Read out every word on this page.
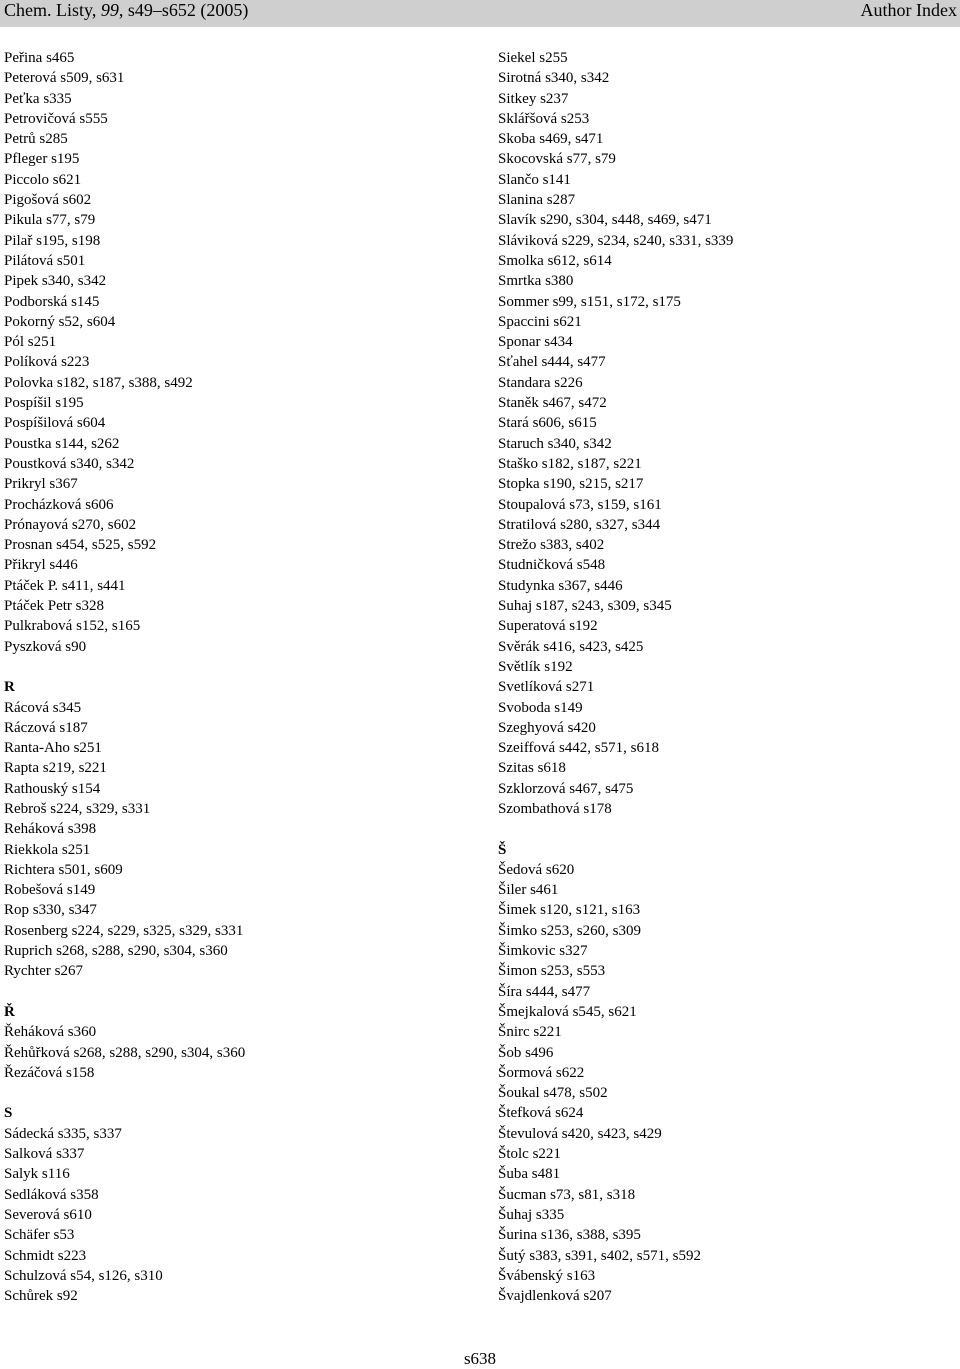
Chem. Listy, 99, s49–s652 (2005)	Author Index
Peřina s465
Peterová s509, s631
Peťka s335
Petrovičová s555
Petrů s285
Pfleger s195
Piccolo s621
Pigošová s602
Pikula s77, s79
Pilař s195, s198
Pilátová s501
Pipek s340, s342
Podborská s145
Pokorný s52, s604
Pól s251
Políková s223
Polovka s182, s187, s388, s492
Pospíšil s195
Pospíšilová s604
Poustka s144, s262
Poustková s340, s342
Prikryl s367
Procházková s606
Prónayová s270, s602
Prosnan s454, s525, s592
Přikryl s446
Ptáček P. s411, s441
Ptáček Petr s328
Pulkrabová s152, s165
Pyszková s90
R
Rácová s345
Ráczová s187
Ranta-Aho s251
Rapta s219, s221
Rathouský s154
Rebroš s224, s329, s331
Reháková s398
Riekkola s251
Richtera s501, s609
Robešová s149
Rop s330, s347
Rosenberg s224, s229, s325, s329, s331
Ruprich s268, s288, s290, s304, s360
Rychter s267
Ř
Řeháková s360
Řehůřková s268, s288, s290, s304, s360
Řezáčová s158
S
Sádecká s335, s337
Salková s337
Salyk s116
Sedláková s358
Severová s610
Schäfer s53
Schmidt s223
Schulzová s54, s126, s310
Schůrek s92
Siekel s255
Sirotná s340, s342
Sitkey s237
Sklářšová s253
Skoba s469, s471
Skocovská s77, s79
Slančo s141
Slanina s287
Slavík s290, s304, s448, s469, s471
Sláviková s229, s234, s240, s331, s339
Smolka s612, s614
Smrtka s380
Sommer s99, s151, s172, s175
Spaccini s621
Sponar s434
Sťahel s444, s477
Standara s226
Staněk s467, s472
Stará s606, s615
Staruch s340, s342
Staško s182, s187, s221
Stopka s190, s215, s217
Stoupalová s73, s159, s161
Stratilová s280, s327, s344
Strežo s383, s402
Studničková s548
Studynka s367, s446
Suhaj s187, s243, s309, s345
Superatová s192
Svěrák s416, s423, s425
Světlík s192
Svetlíková s271
Svoboda s149
Szeghyová s420
Szeiffová s442, s571, s618
Szitas s618
Szklorzová s467, s475
Szombathová s178
Š
Šedová s620
Šiler s461
Šimek s120, s121, s163
Šimko s253, s260, s309
Šimkovic s327
Šimon s253, s553
Šíra s444, s477
Šmejkalová s545, s621
Šnirc s221
Šob s496
Šormová s622
Šoukal s478, s502
Štefková s624
Števulová s420, s423, s429
Štolc s221
Šuba s481
Šucman s73, s81, s318
Šuhaj s335
Šurina s136, s388, s395
Šutý s383, s391, s402, s571, s592
Švábenský s163
Švajdlenková s207
s638
